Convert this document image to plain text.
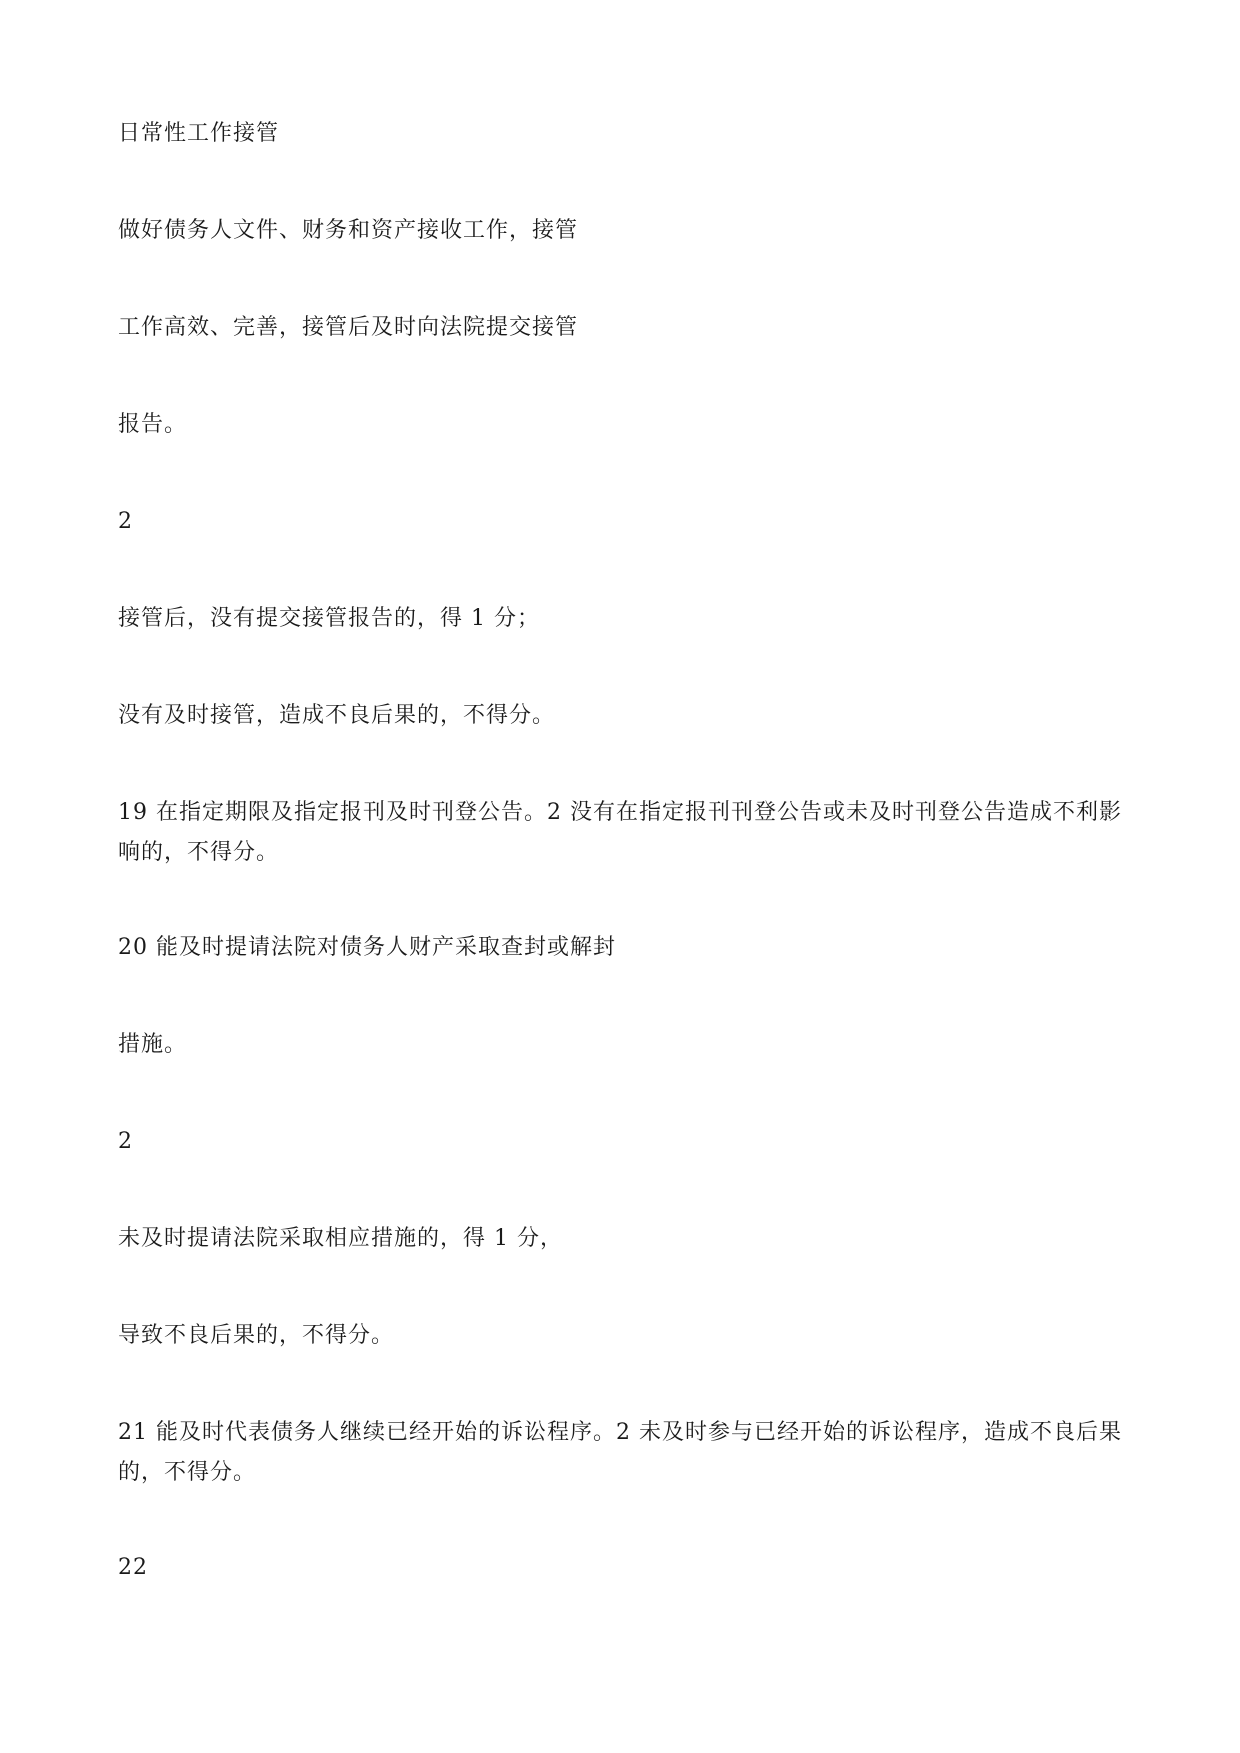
日常性工作接管

做好债务人文件、财务和资产接收工作，接管

工作高效、完善，接管后及时向法院提交接管

报告。

2

接管后，没有提交接管报告的，得 1 分；

没有及时接管，造成不良后果的，不得分。

19 在指定期限及指定报刊及时刊登公告。2 没有在指定报刊刊登公告或未及时刊登公告造成不利影响的，不得分。

20 能及时提请法院对债务人财产采取查封或解封

措施。

2

未及时提请法院采取相应措施的，得 1 分，

导致不良后果的，不得分。

21 能及时代表债务人继续已经开始的诉讼程序。2 未及时参与已经开始的诉讼程序，造成不良后果的，不得分。

22
